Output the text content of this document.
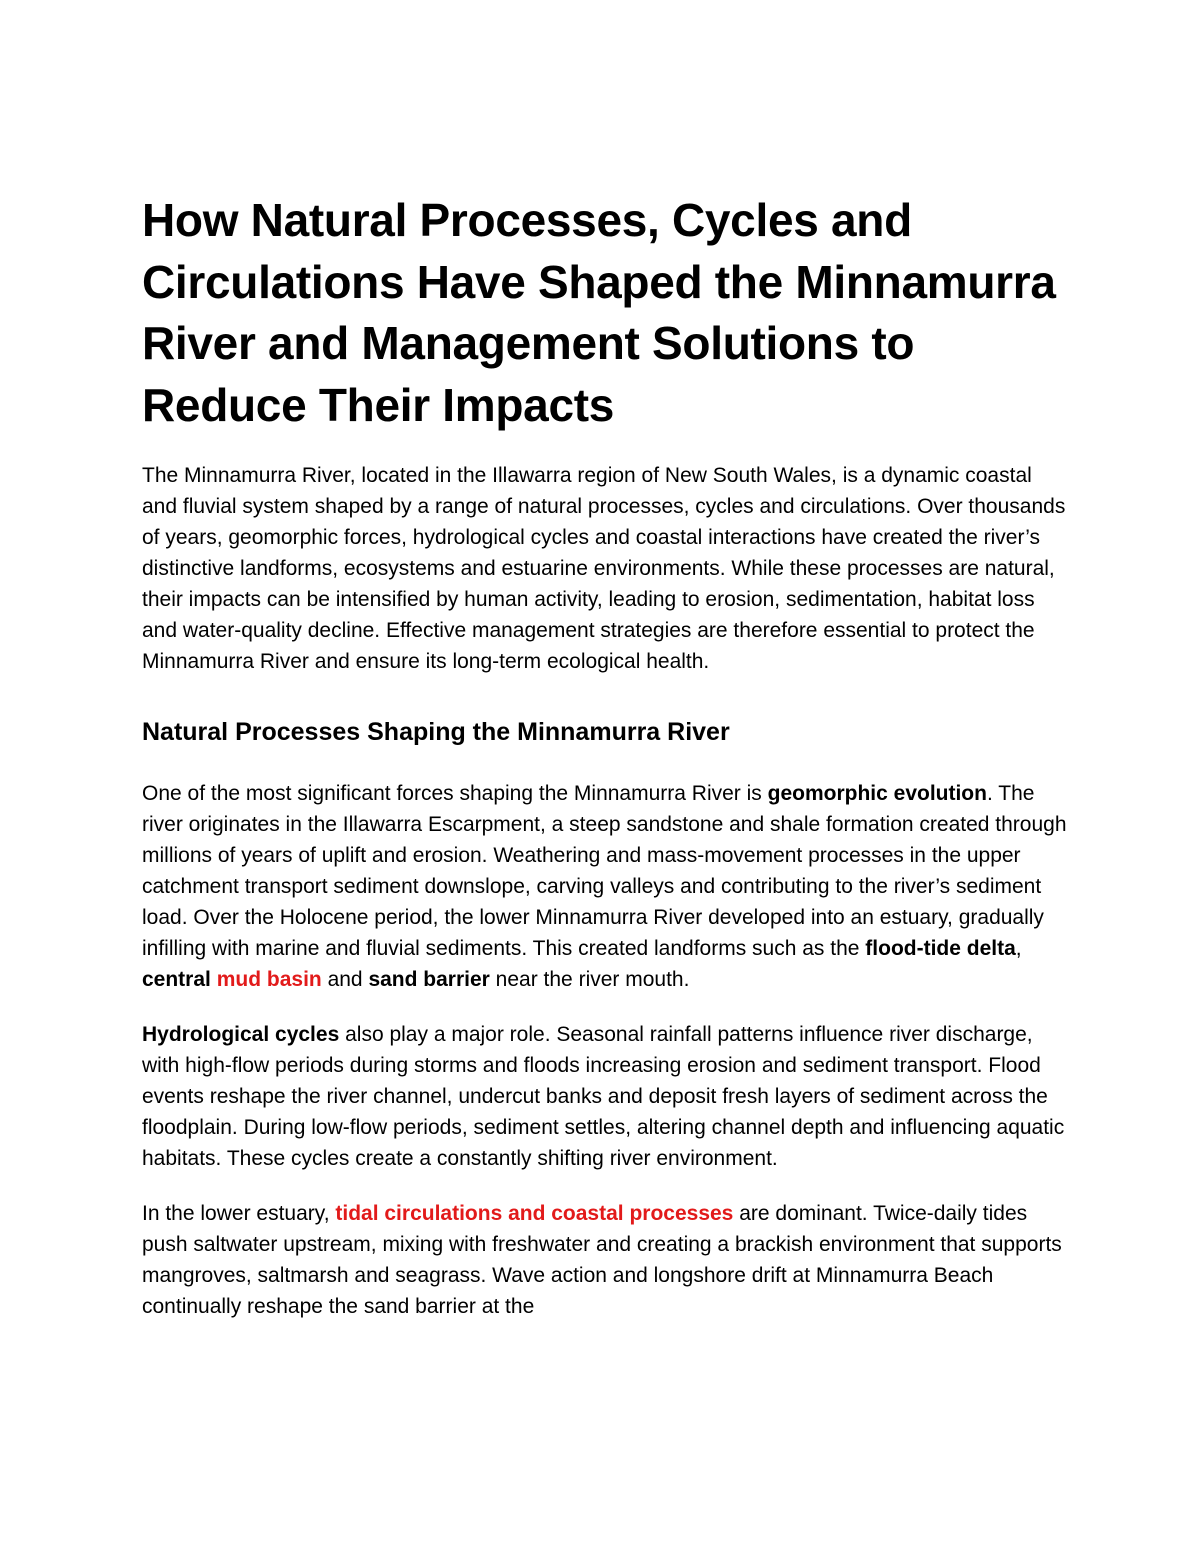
How Natural Processes, Cycles and Circulations Have Shaped the Minnamurra River and Management Solutions to Reduce Their Impacts

The Minnamurra River, located in the Illawarra region of New South Wales, is a dynamic coastal and fluvial system shaped by a range of natural processes, cycles and circulations. Over thousands of years, geomorphic forces, hydrological cycles and coastal interactions have created the river’s distinctive landforms, ecosystems and estuarine environments. While these processes are natural, their impacts can be intensified by human activity, leading to erosion, sedimentation, habitat loss and water‑quality decline. Effective management strategies are therefore essential to protect the Minnamurra River and ensure its long‑term ecological health.

Natural Processes Shaping the Minnamurra River

One of the most significant forces shaping the Minnamurra River is geomorphic evolution. The river originates in the Illawarra Escarpment, a steep sandstone and shale formation created through millions of years of uplift and erosion. Weathering and mass‑movement processes in the upper catchment transport sediment downslope, carving valleys and contributing to the river’s sediment load. Over the Holocene period, the lower Minnamurra River developed into an estuary, gradually infilling with marine and fluvial sediments. This created landforms such as the flood‑tide delta, central mud basin and sand barrier near the river mouth.

Hydrological cycles also play a major role. Seasonal rainfall patterns influence river discharge, with high‑flow periods during storms and floods increasing erosion and sediment transport. Flood events reshape the river channel, undercut banks and deposit fresh layers of sediment across the floodplain. During low‑flow periods, sediment settles, altering channel depth and influencing aquatic habitats. These cycles create a constantly shifting river environment.

In the lower estuary, tidal circulations and coastal processes are dominant. Twice‑daily tides push saltwater upstream, mixing with freshwater and creating a brackish environment that supports mangroves, saltmarsh and seagrass. Wave action and longshore drift at Minnamurra Beach continually reshape the sand barrier at the
